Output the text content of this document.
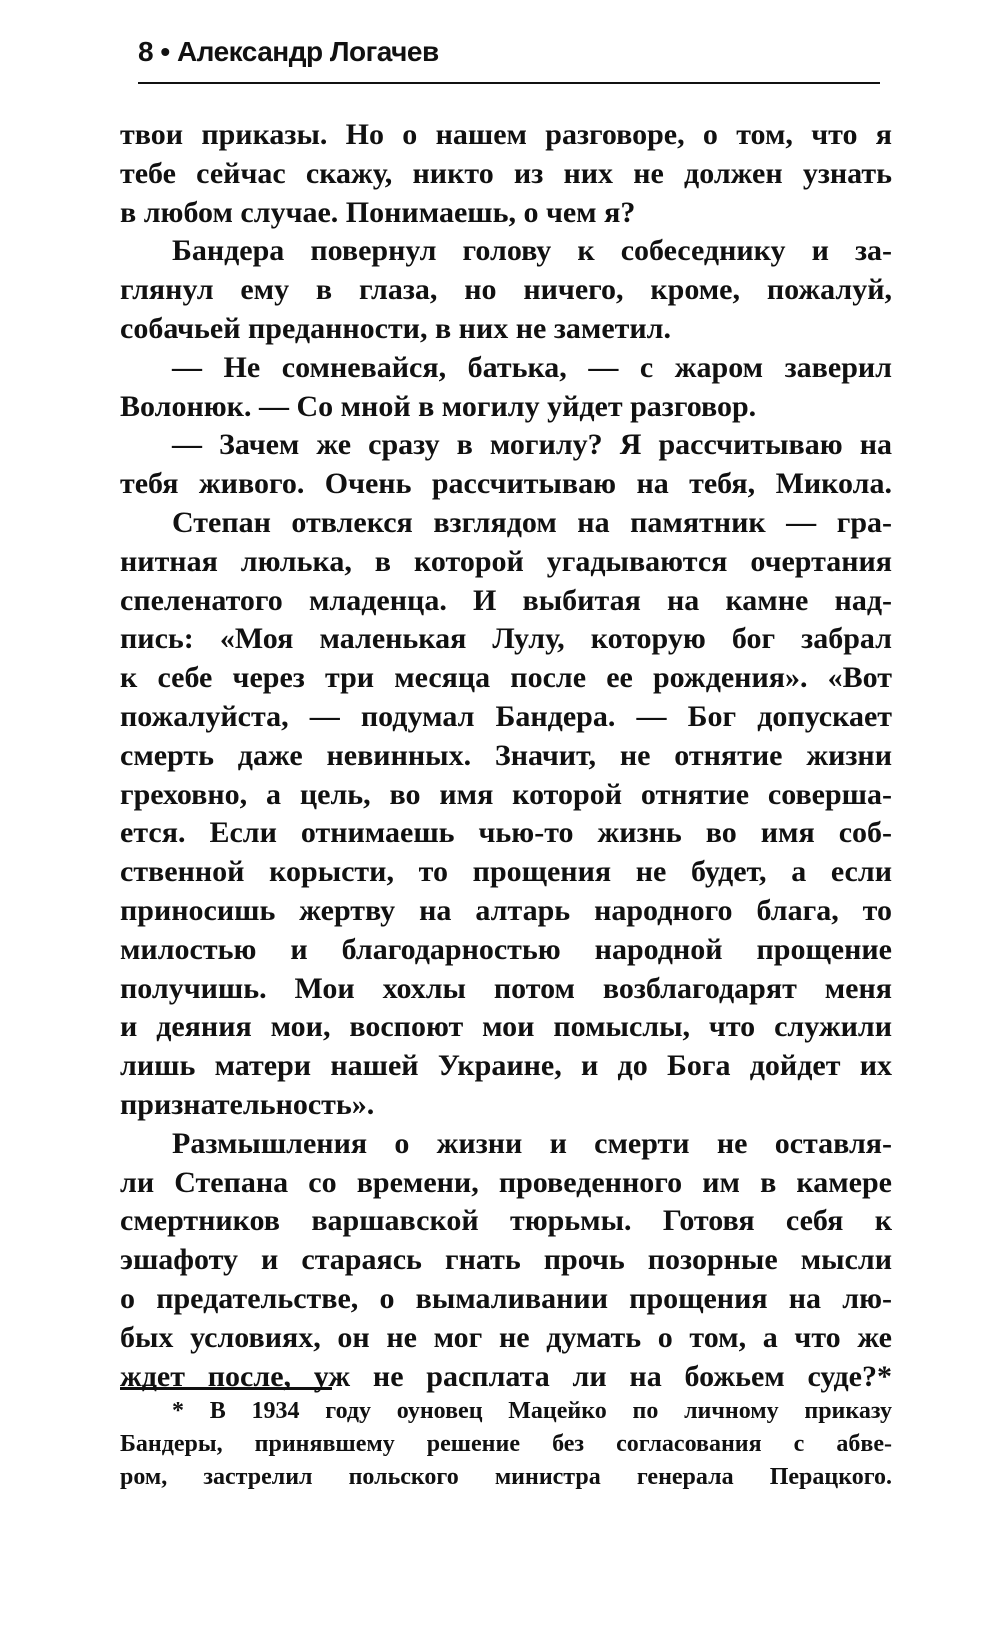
8 • Александр Логачев
твои приказы. Но о нашем разговоре, о том, что я
тебе сейчас скажу, никто из них не должен узнать
в любом случае. Понимаешь, о чем я?
Бандера повернул голову к собеседнику и за-
глянул ему в глаза, но ничего, кроме, пожалуй,
собачьей преданности, в них не заметил.
— Не сомневайся, батька, — с жаром заверил
Волонюк. — Со мной в могилу уйдет разговор.
— Зачем же сразу в могилу? Я рассчитываю на
тебя живого. Очень рассчитываю на тебя, Микола.
Степан отвлекся взглядом на памятник — гра-
нитная люлька, в которой угадываются очертания
спеленатого младенца. И выбитая на камне над-
пись: «Моя маленькая Лулу, которую бог забрал
к себе через три месяца после ее рождения». «Вот
пожалуйста, — подумал Бандера. — Бог допускает
смерть даже невинных. Значит, не отнятие жизни
греховно, а цель, во имя которой отнятие соверша-
ется. Если отнимаешь чью-то жизнь во имя соб-
ственной корысти, то прощения не будет, а если
приносишь жертву на алтарь народного блага, то
милостью и благодарностью народной прощение
получишь. Мои хохлы потом возблагодарят меня
и деяния мои, воспоют мои помыслы, что служили
лишь матери нашей Украине, и до Бога дойдет их
признательность».
Размышления о жизни и смерти не оставля-
ли Степана со времени, проведенного им в камере
смертников варшавской тюрьмы. Готовя себя к
эшафоту и стараясь гнать прочь позорные мысли
о предательстве, о вымаливании прощения на лю-
бых условиях, он не мог не думать о том, а что же
ждет после, уж не расплата ли на божьем суде?*
* В 1934 году оуновец Мацейко по личному приказу
Бандеры, принявшему решение без согласования с абве-
ром, застрелил польского министра генерала Перацкого.
